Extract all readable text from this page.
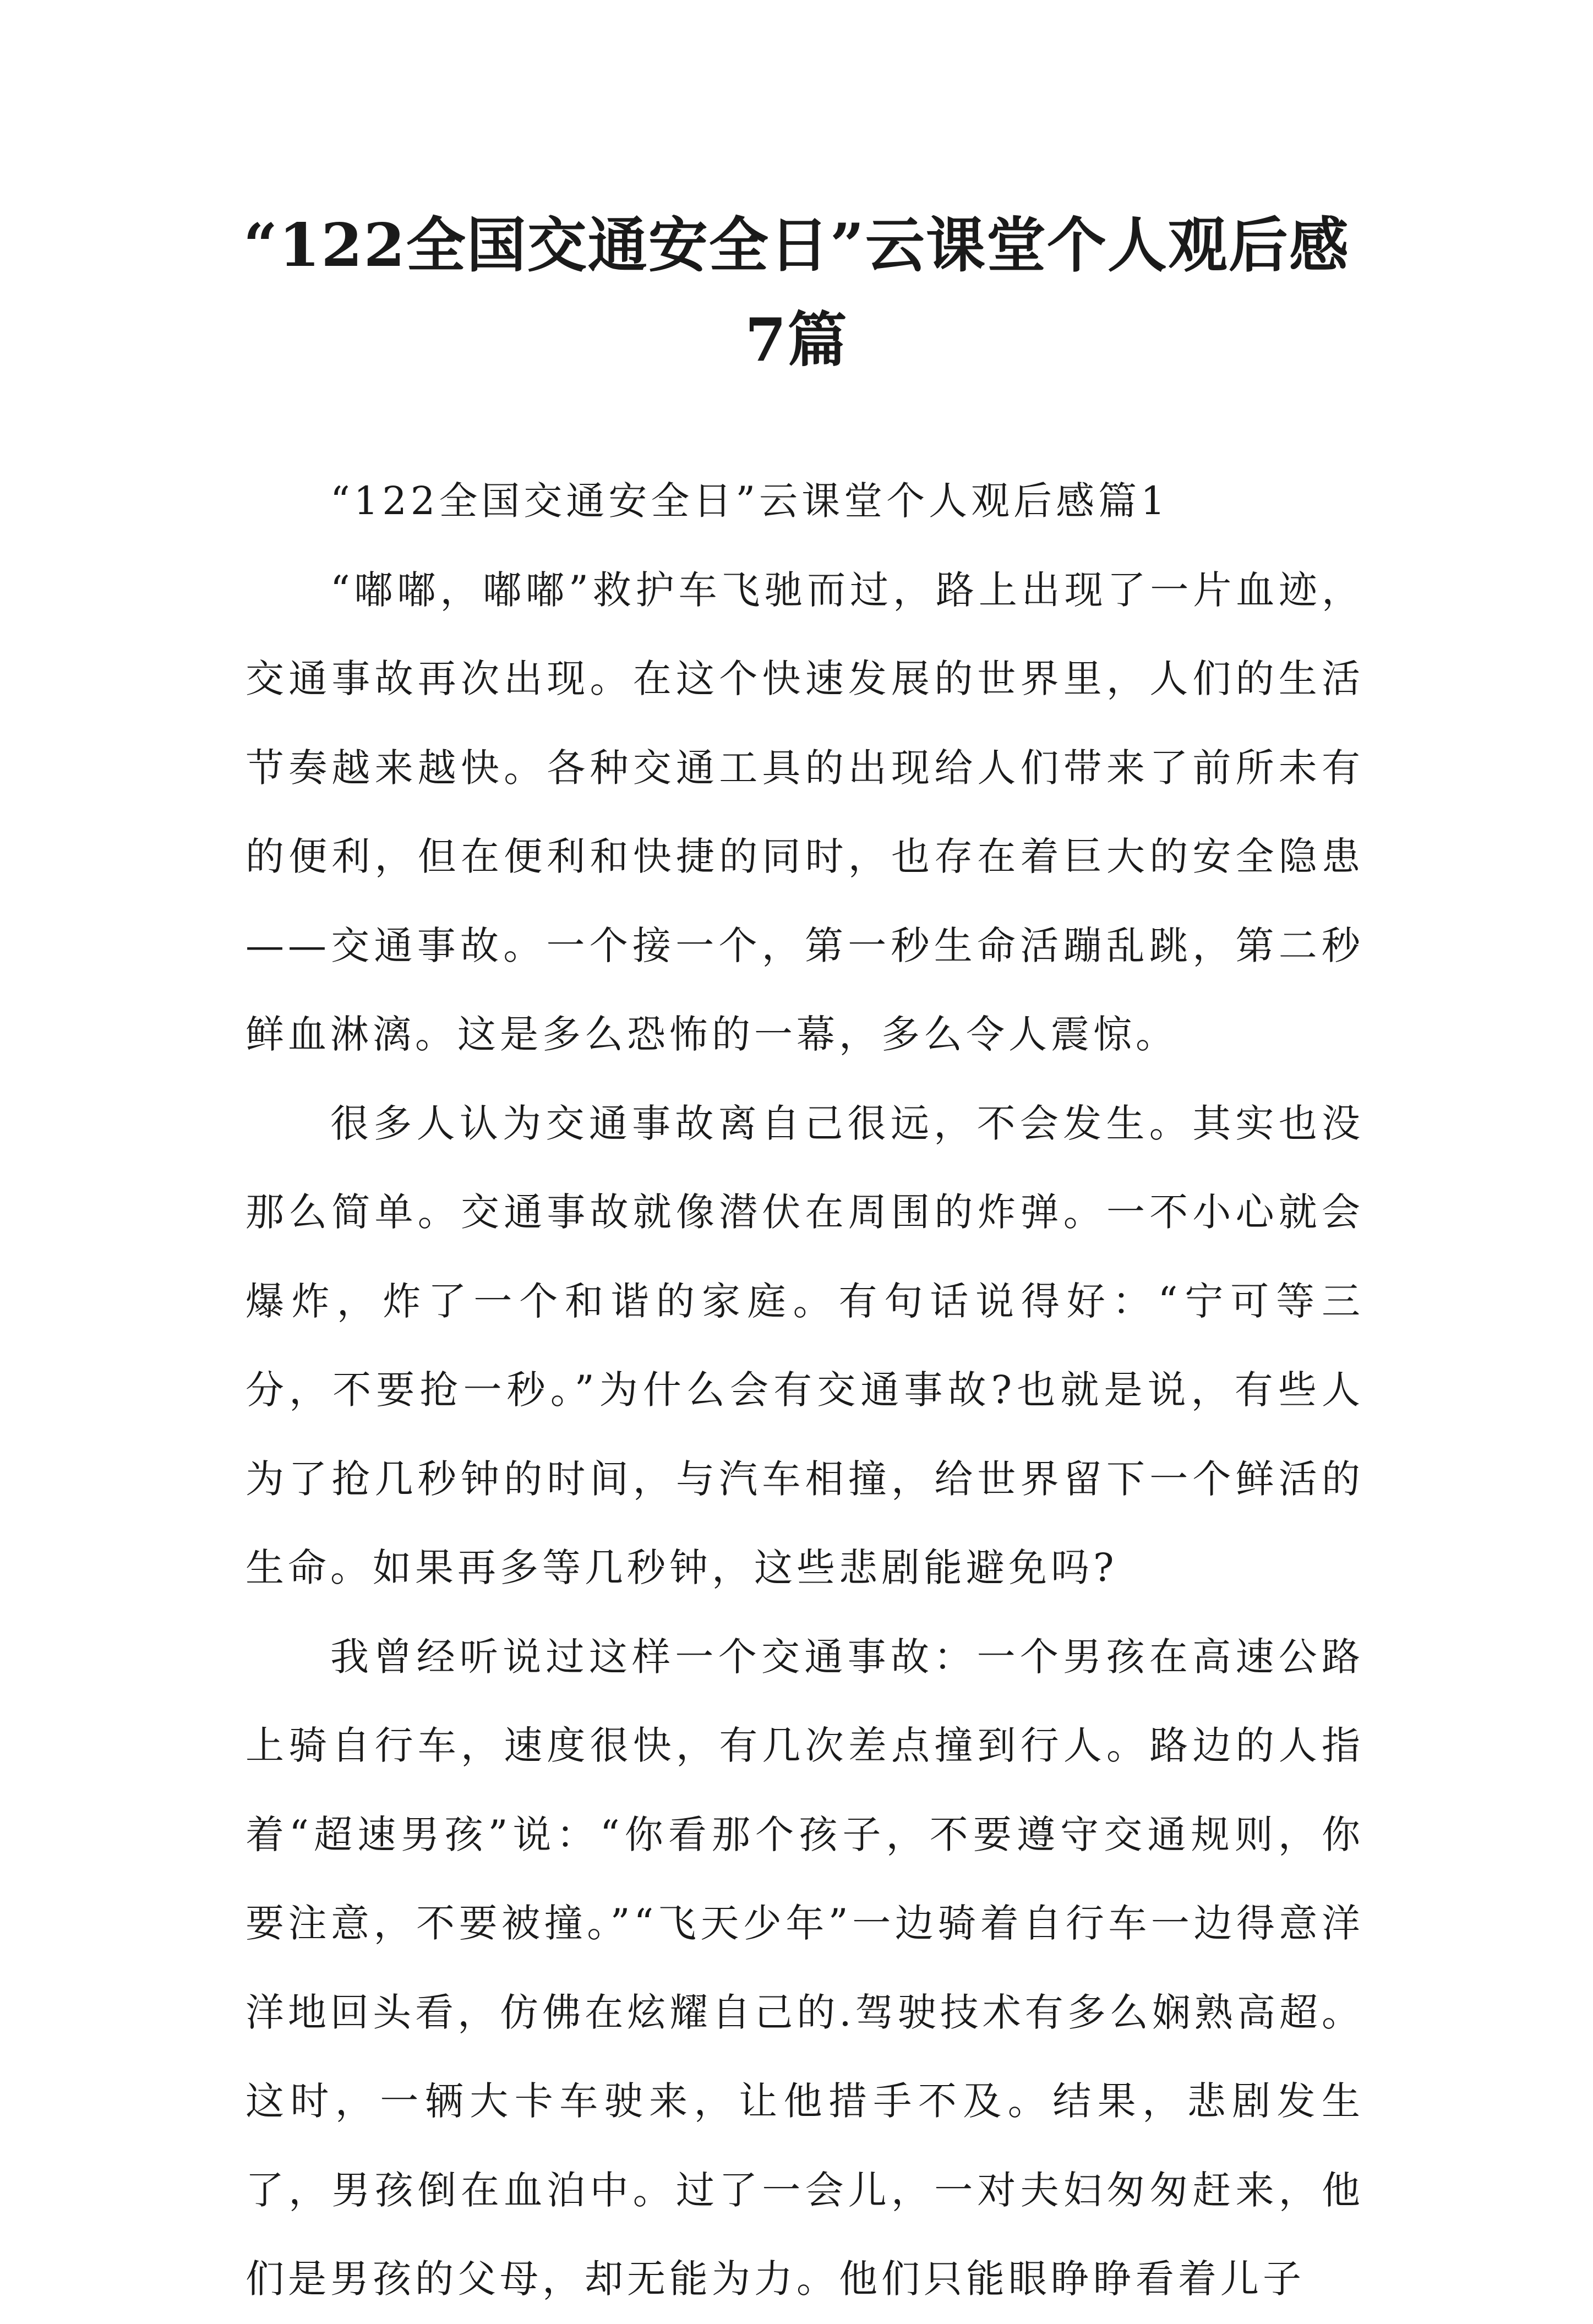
“122全国交通安全日”云课堂个人观后感7篇

“122全国交通安全日”云课堂个人观后感篇1

“嘟嘟，嘟嘟”救护车飞驰而过，路上出现了一片血迹，交通事故再次出现。在这个快速发展的世界里，人们的生活节奏越来越快。各种交通工具的出现给人们带来了前所未有的便利，但在便利和快捷的同时，也存在着巨大的安全隐患——交通事故。一个接一个，第一秒生命活蹦乱跳，第二秒鲜血淋漓。这是多么恐怖的一幕，多么令人震惊。

很多人认为交通事故离自己很远，不会发生。其实也没那么简单。交通事故就像潜伏在周围的炸弹。一不小心就会爆炸，炸了一个和谐的家庭。有句话说得好：“宁可等三分，不要抢一秒。”为什么会有交通事故?也就是说，有些人为了抢几秒钟的时间，与汽车相撞，给世界留下一个鲜活的生命。如果再多等几秒钟，这些悲剧能避免吗?

我曾经听说过这样一个交通事故：一个男孩在高速公路上骑自行车，速度很快，有几次差点撞到行人。路边的人指着“超速男孩”说：“你看那个孩子，不要遵守交通规则，你要注意，不要被撞。”“飞天少年”一边骑着自行车一边得意洋洋地回头看，仿佛在炫耀自己的.驾驶技术有多么娴熟高超。这时，一辆大卡车驶来，让他措手不及。结果，悲剧发生了，男孩倒在血泊中。过了一会儿，一对夫妇匆匆赶来，他们是男孩的父母，却无能为力。他们只能眼睁睁看着儿子
